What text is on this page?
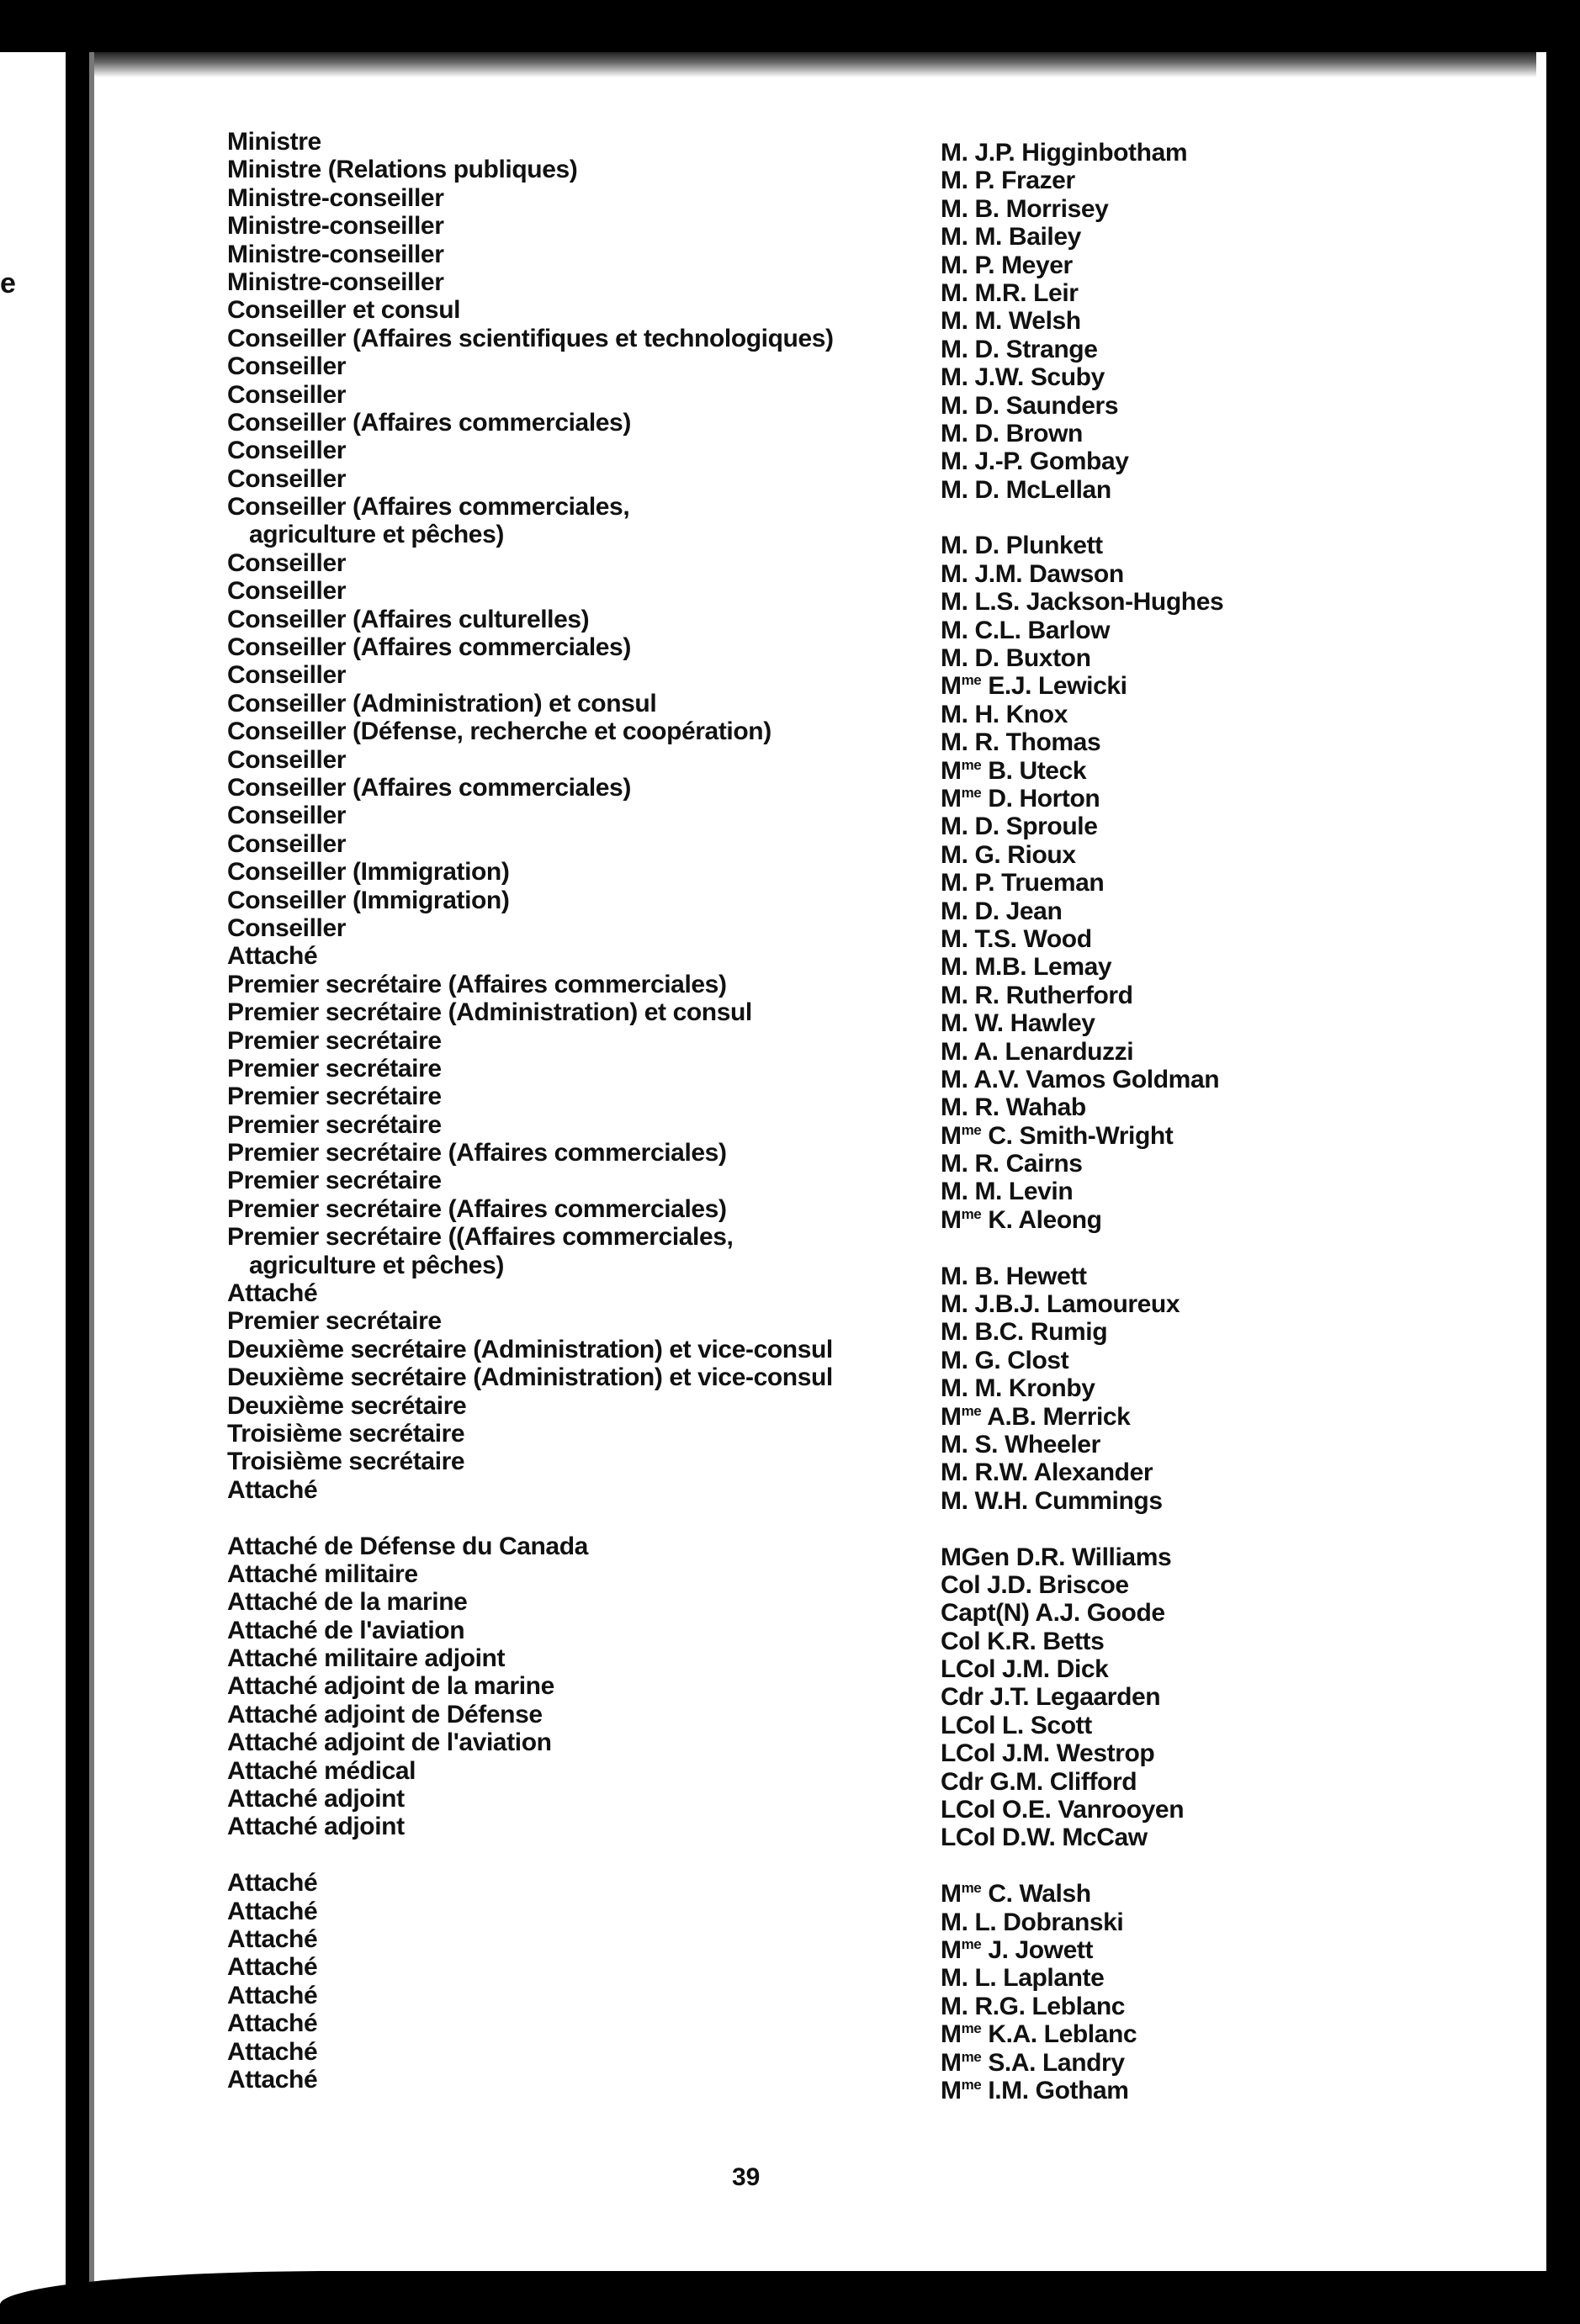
e
Ministre
Ministre (Relations publiques)
Ministre-conseiller
Ministre-conseiller
Ministre-conseiller
Ministre-conseiller
Conseiller et consul
Conseiller (Affaires scientifiques et technologiques)
Conseiller
Conseiller
Conseiller (Affaires commerciales)
Conseiller
Conseiller
Conseiller (Affaires commerciales,
agriculture et pêches)
Conseiller
Conseiller
Conseiller (Affaires culturelles)
Conseiller (Affaires commerciales)
Conseiller
Conseiller (Administration) et consul
Conseiller (Défense, recherche et coopération)
Conseiller
Conseiller (Affaires commerciales)
Conseiller
Conseiller
Conseiller (Immigration)
Conseiller (Immigration)
Conseiller
Attaché
Premier secrétaire (Affaires commerciales)
Premier secrétaire (Administration) et consul
Premier secrétaire
Premier secrétaire
Premier secrétaire
Premier secrétaire
Premier secrétaire (Affaires commerciales)
Premier secrétaire
Premier secrétaire (Affaires commerciales)
Premier secrétaire ((Affaires commerciales,
agriculture et pêches)
Attaché
Premier secrétaire
Deuxième secrétaire (Administration) et vice-consul
Deuxième secrétaire (Administration) et vice-consul
Deuxième secrétaire
Troisième secrétaire
Troisième secrétaire
Attaché
Attaché de Défense du Canada
Attaché militaire
Attaché de la marine
Attaché de l'aviation
Attaché militaire adjoint
Attaché adjoint de la marine
Attaché adjoint de Défense
Attaché adjoint de l'aviation
Attaché médical
Attaché adjoint
Attaché adjoint
Attaché
Attaché
Attaché
Attaché
Attaché
Attaché
Attaché
Attaché
M. J.P. Higginbotham
M. P. Frazer
M. B. Morrisey
M. M. Bailey
M. P. Meyer
M. M.R. Leir
M. M. Welsh
M. D. Strange
M. J.W. Scuby
M. D. Saunders
M. D. Brown
M. J.-P. Gombay
M. D. McLellan
M. D. Plunkett
M. J.M. Dawson
M. L.S. Jackson-Hughes
M. C.L. Barlow
M. D. Buxton
$M^{me}$ E.J. Lewicki
M. H. Knox
M. R. Thomas
$M^{me}$ B. Uteck
$M^{me}$ D. Horton
M. D. Sproule
M. G. Rioux
M. P. Trueman
M. D. Jean
M. T.S. Wood
M. M.B. Lemay
M. R. Rutherford
M. W. Hawley
M. A. Lenarduzzi
M. A.V. Vamos Goldman
M. R. Wahab
$M^{me}$ C. Smith-Wright
M. R. Cairns
M. M. Levin
$M^{me}$ K. Aleong
M. B. Hewett
M. J.B.J. Lamoureux
M. B.C. Rumig
M. G. Clost
M. M. Kronby
$M^{me}$ A.B. Merrick
M. S. Wheeler
M. R.W. Alexander
M. W.H. Cummings
MGen D.R. Williams
Col J.D. Briscoe
Capt(N) A.J. Goode
Col K.R. Betts
LCol J.M. Dick
Cdr J.T. Legaarden
LCol L. Scott
LCol J.M. Westrop
Cdr G.M. Clifford
LCol O.E. Vanrooyen
LCol D.W. McCaw
$M^{me}$ C. Walsh
M. L. Dobranski
$M^{me}$ J. Jowett
M. L. Laplante
M. R.G. Leblanc
$M^{me}$ K.A. Leblanc
$M^{me}$ S.A. Landry
$M^{me}$ I.M. Gotham
39
